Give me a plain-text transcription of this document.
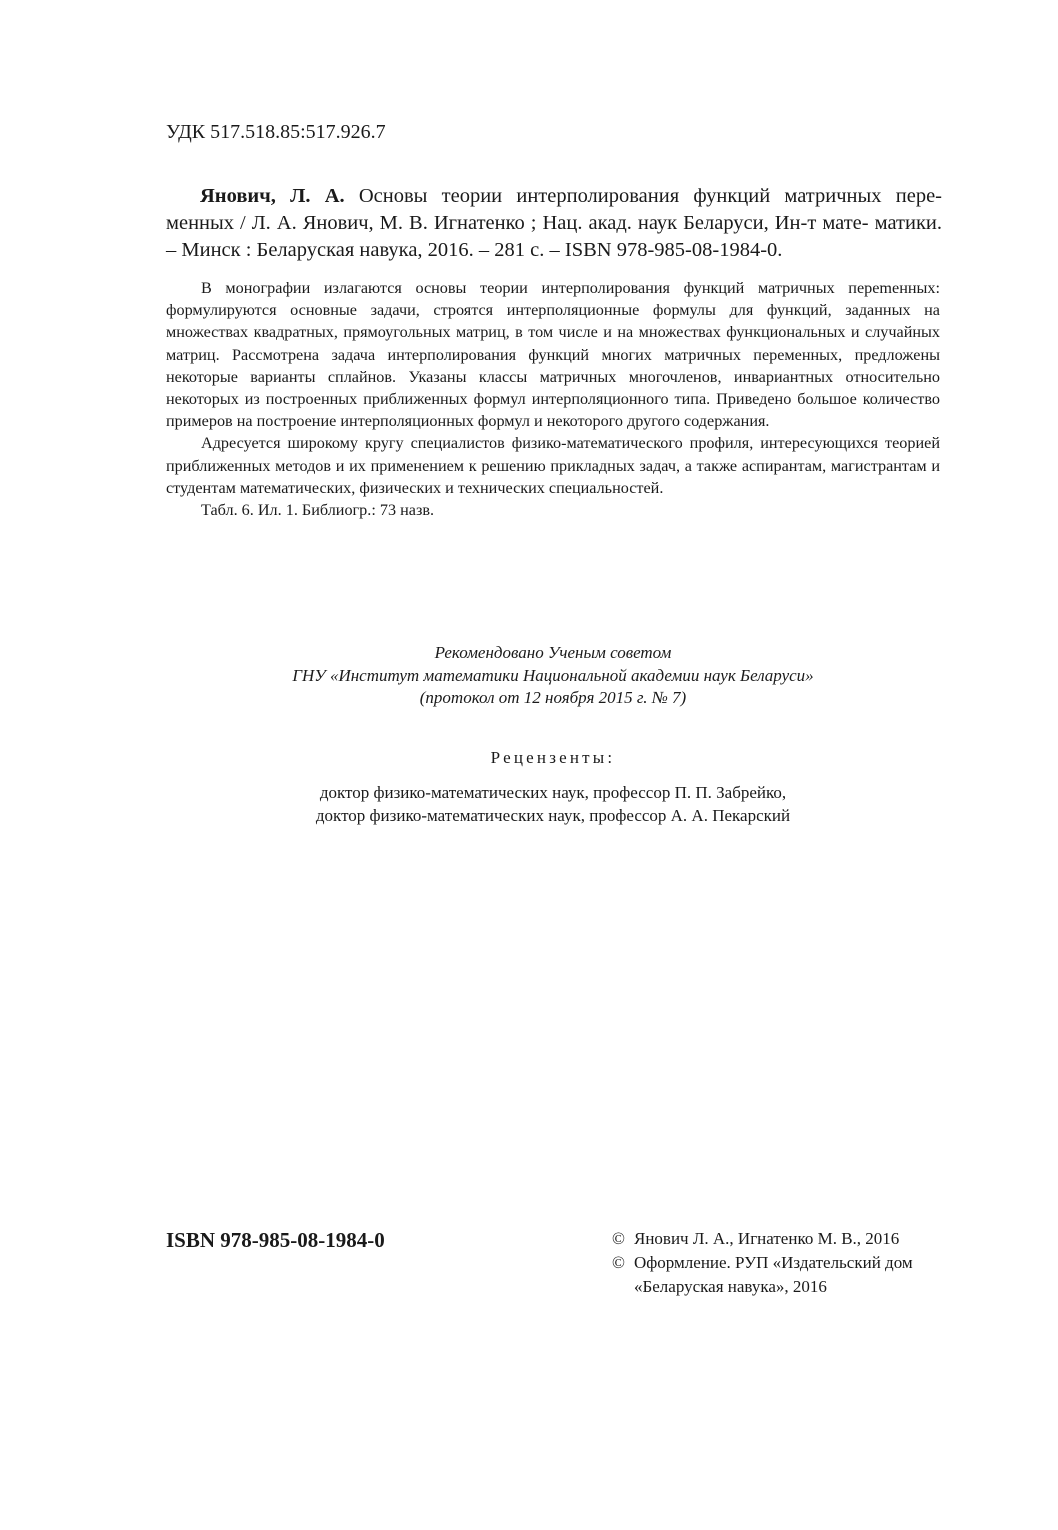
УДК 517.518.85:517.926.7

Янович, Л. А. Основы теории интерполирования функций матричных пере- менных / Л. А. Янович, М. В. Игнатенко ; Нац. акад. наук Беларуси, Ин-т мате- матики. – Минск : Беларуская навука, 2016. – 281 с. – ISBN 978-985-08-1984-0.

В монографии излагаются основы теории интерполирования функций матричных переmенных: формулируются основные задачи, строятся интерполяционные формулы для функций, заданных на множествах квадратных, прямоугольных матриц, в том числе и на множествах функциональных и случайных матриц. Рассмотрена задача интерполирования функций многих матричных переменных, предложены некоторые варианты сплайнов. Указаны классы матричных многочленов, инвариантных относительно некоторых из построенных приближенных формул интерполяционного типа. Приведено большое количество примеров на построение интерполяционных формул и некоторого другого содержания.

Адресуется широкому кругу специалистов физико-математического профиля, интересующихся теорией приближенных методов и их применением к решению прикладных задач, а также аспирантам, магистрантам и студентам математических, физических и технических специальностей.

Табл. 6. Ил. 1. Библиогр.: 73 назв.

Рекомендовано Ученым советом
ГНУ «Институт математики Национальной академии наук Беларуси»
(протокол от 12 ноября 2015 г. № 7)
Рецензенты:
доктор физико-математических наук, профессор П. П. Забрейко,
доктор физико-математических наук, профессор А. А. Пекарский
ISBN 978-985-08-1984-0	© Янович Л. А., Игнатенко М. В., 2016
© Оформление. РУП «Издательский дом
«Беларуская навука», 2016
